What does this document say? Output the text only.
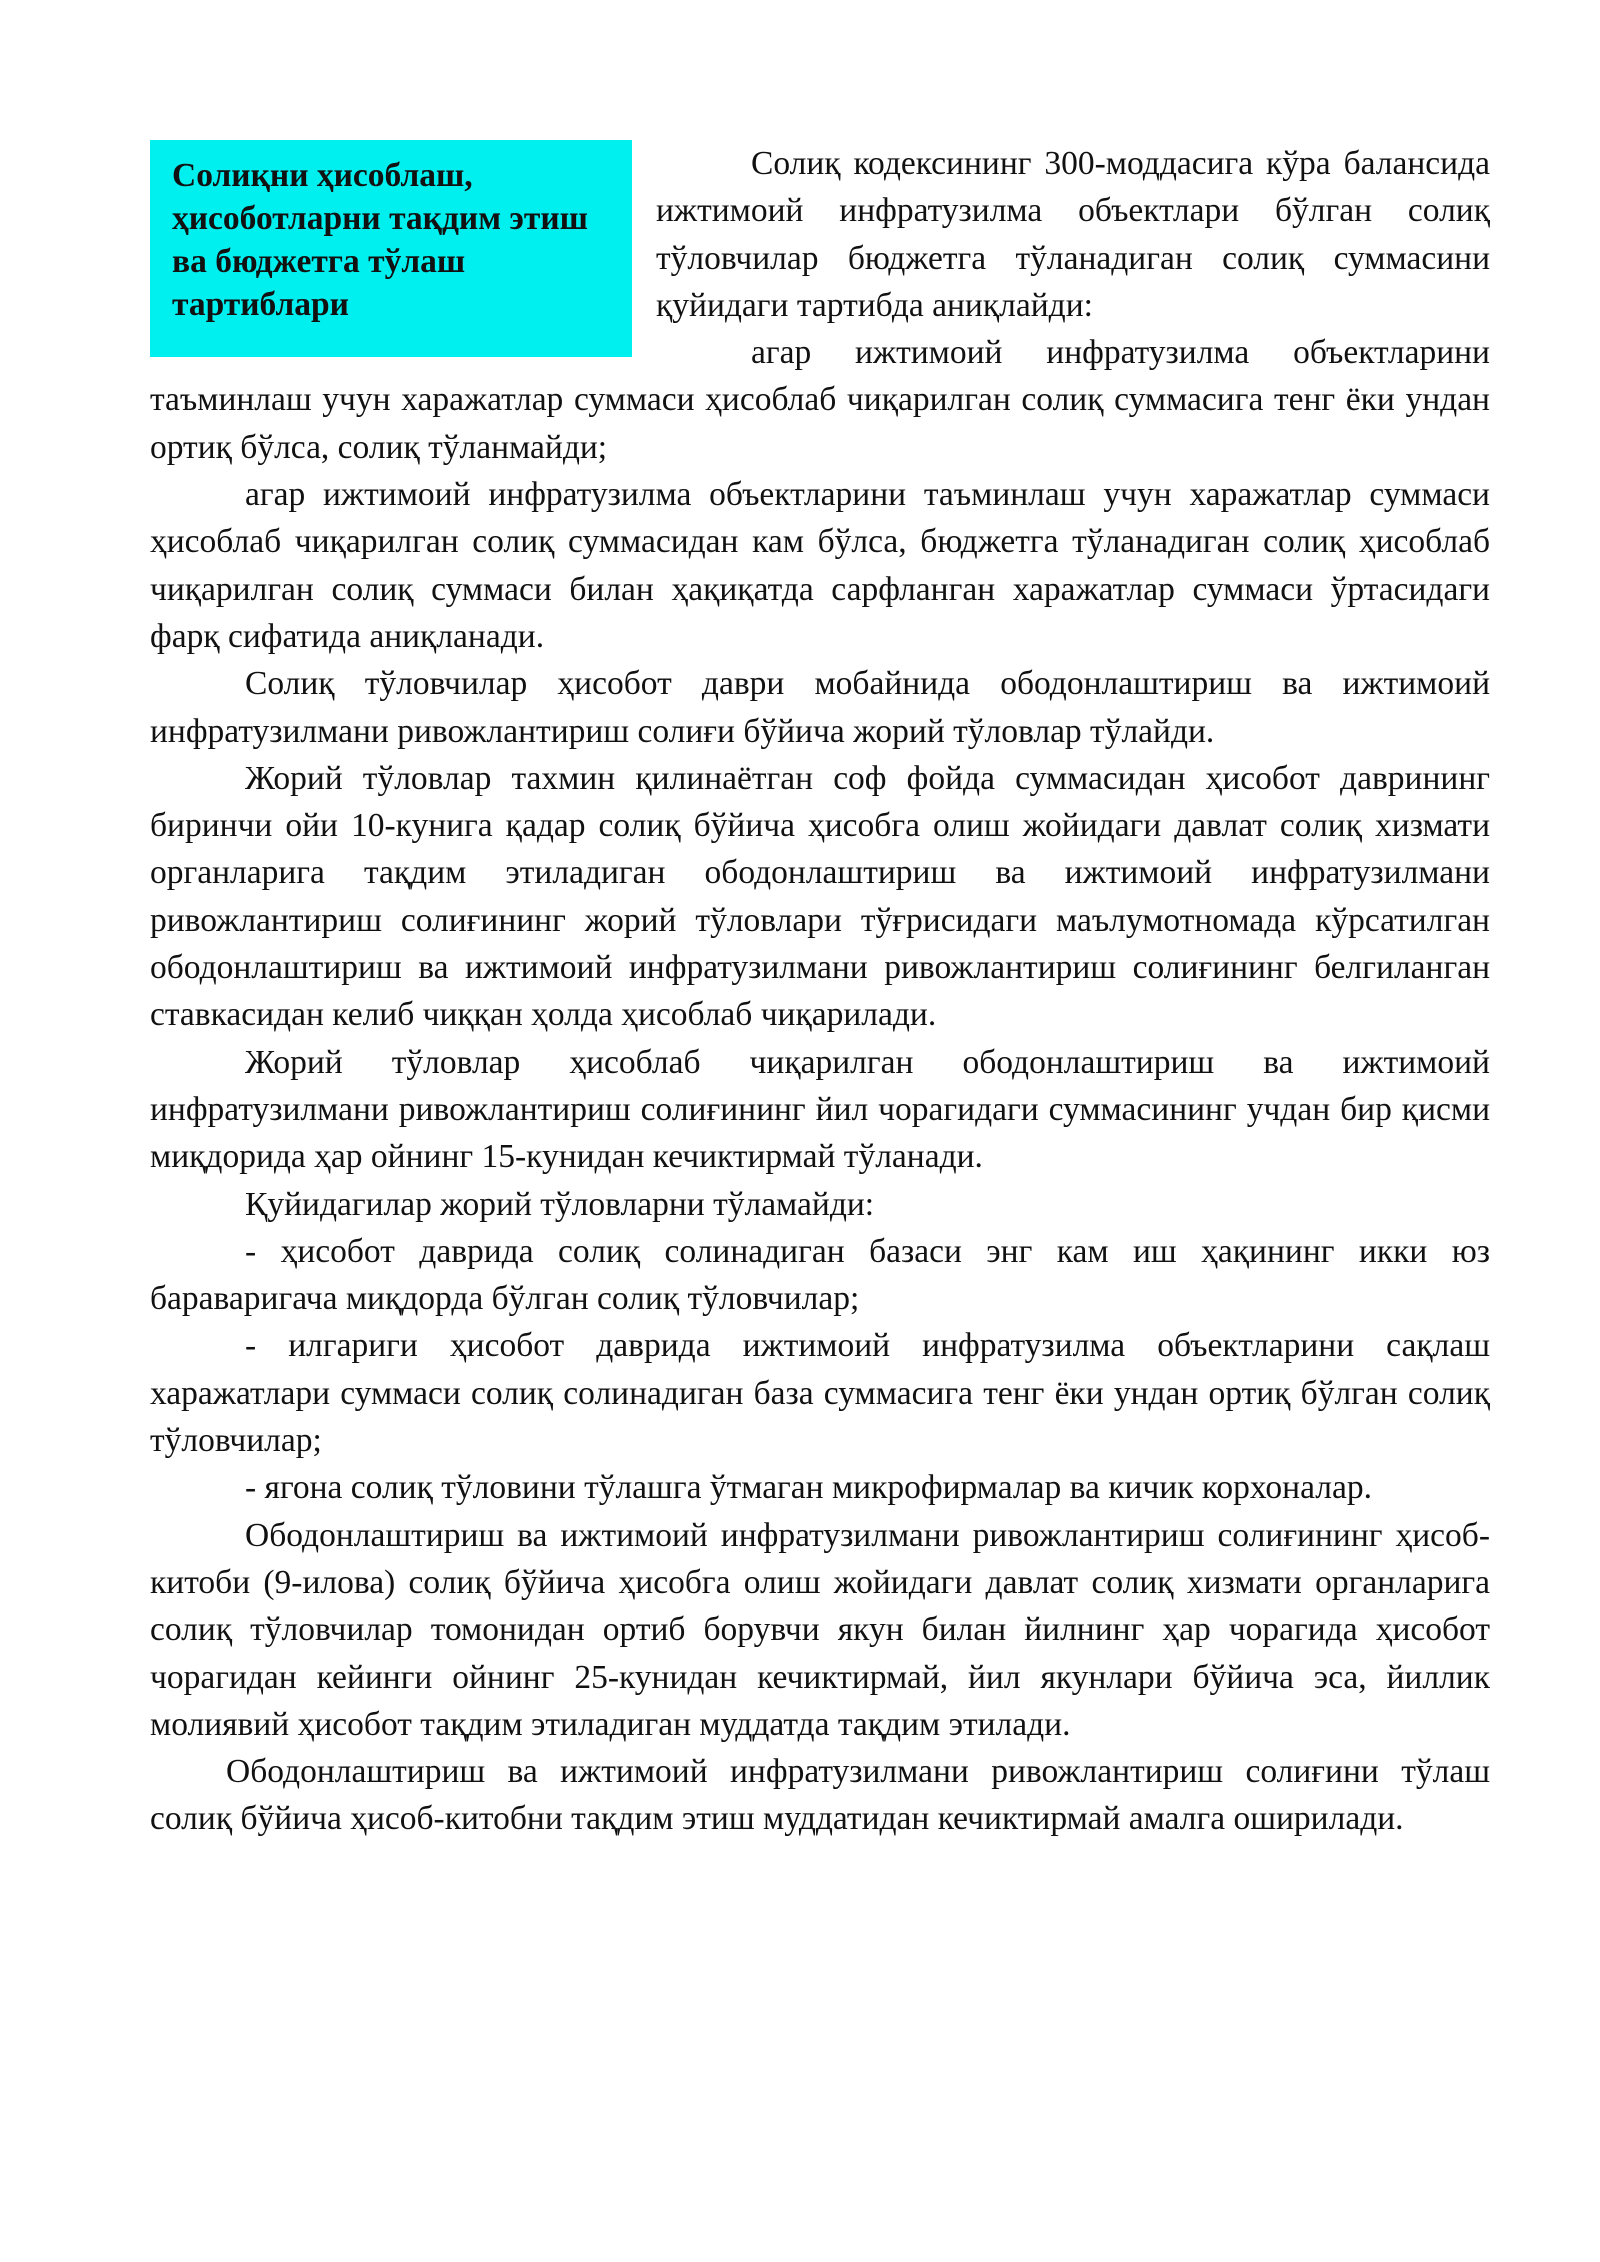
Солиқни ҳисоблаш, ҳисоботларни тақдим этиш ва бюджетга тўлаш тартиблари

Солиқ кодексининг 300-моддасига кўра балансида ижтимоий инфратузилма объектлари бўлган солиқ тўловчилар бюджетга тўланадиган солиқ суммасини қуйидаги тартибда аниқлайди:

агар ижтимоий инфратузилма объектларини таъминлаш учун харажатлар суммаси ҳисоблаб чиқарилган солиқ суммасига тенг ёки ундан ортиқ бўлса, солиқ тўланмайди;

агар ижтимоий инфратузилма объектларини таъминлаш учун харажатлар суммаси ҳисоблаб чиқарилган солиқ суммасидан кам бўлса, бюджетга тўланадиган солиқ ҳисоблаб чиқарилган солиқ суммаси билан ҳақиқатда сарфланган харажатлар суммаси ўртасидаги фарқ сифатида аниқланади.

Солиқ тўловчилар ҳисобот даври мобайнида ободонлаштириш ва ижтимоий инфратузилмани ривожлантириш солиғи бўйича жорий тўловлар тўлайди.

Жорий тўловлар тахмин қилинаётган соф фойда суммасидан ҳисобот даврининг биринчи ойи 10-кунига қадар солиқ бўйича ҳисобга олиш жойидаги давлат солиқ хизмати органларига тақдим этиладиган ободонлаштириш ва ижтимоий инфратузилмани ривожлантириш солиғининг жорий тўловлари тўғрисидаги маълумотномада кўрсатилган ободонлаштириш ва ижтимоий инфратузилмани ривожлантириш солиғининг белгиланган ставкасидан келиб чиққан ҳолда ҳисоблаб чиқарилади.

Жорий тўловлар ҳисоблаб чиқарилган ободонлаштириш ва ижтимоий инфратузилмани ривожлантириш солиғининг йил чорагидаги суммасининг учдан бир қисми миқдорида ҳар ойнинг 15-кунидан кечиктирмай тўланади.

Қуйидагилар жорий тўловларни тўламайди:

- ҳисобот даврида солиқ солинадиган базаси энг кам иш ҳақининг икки юз бараваригача миқдорда бўлган солиқ тўловчилар;

- илгариги ҳисобот даврида ижтимоий инфратузилма объектларини сақлаш харажатлари суммаси солиқ солинадиган база суммасига тенг ёки ундан ортиқ бўлган солиқ тўловчилар;

- ягона солиқ тўловини тўлашга ўтмаган микрофирмалар ва кичик корхоналар.

Ободонлаштириш ва ижтимоий инфратузилмани ривожлантириш солиғининг ҳисоб-китоби (9-илова) солиқ бўйича ҳисобга олиш жойидаги давлат солиқ хизмати органларига солиқ тўловчилар томонидан ортиб борувчи якун билан йилнинг ҳар чорагида ҳисобот чорагидан кейинги ойнинг 25-кунидан кечиктирмай, йил якунлари бўйича эса, йиллик молиявий ҳисобот тақдим этиладиган муддатда тақдим этилади.

Ободонлаштириш ва ижтимоий инфратузилмани ривожлантириш солиғини тўлаш солиқ бўйича ҳисоб-китобни тақдим этиш муддатидан кечиктирмай амалга оширилади.
